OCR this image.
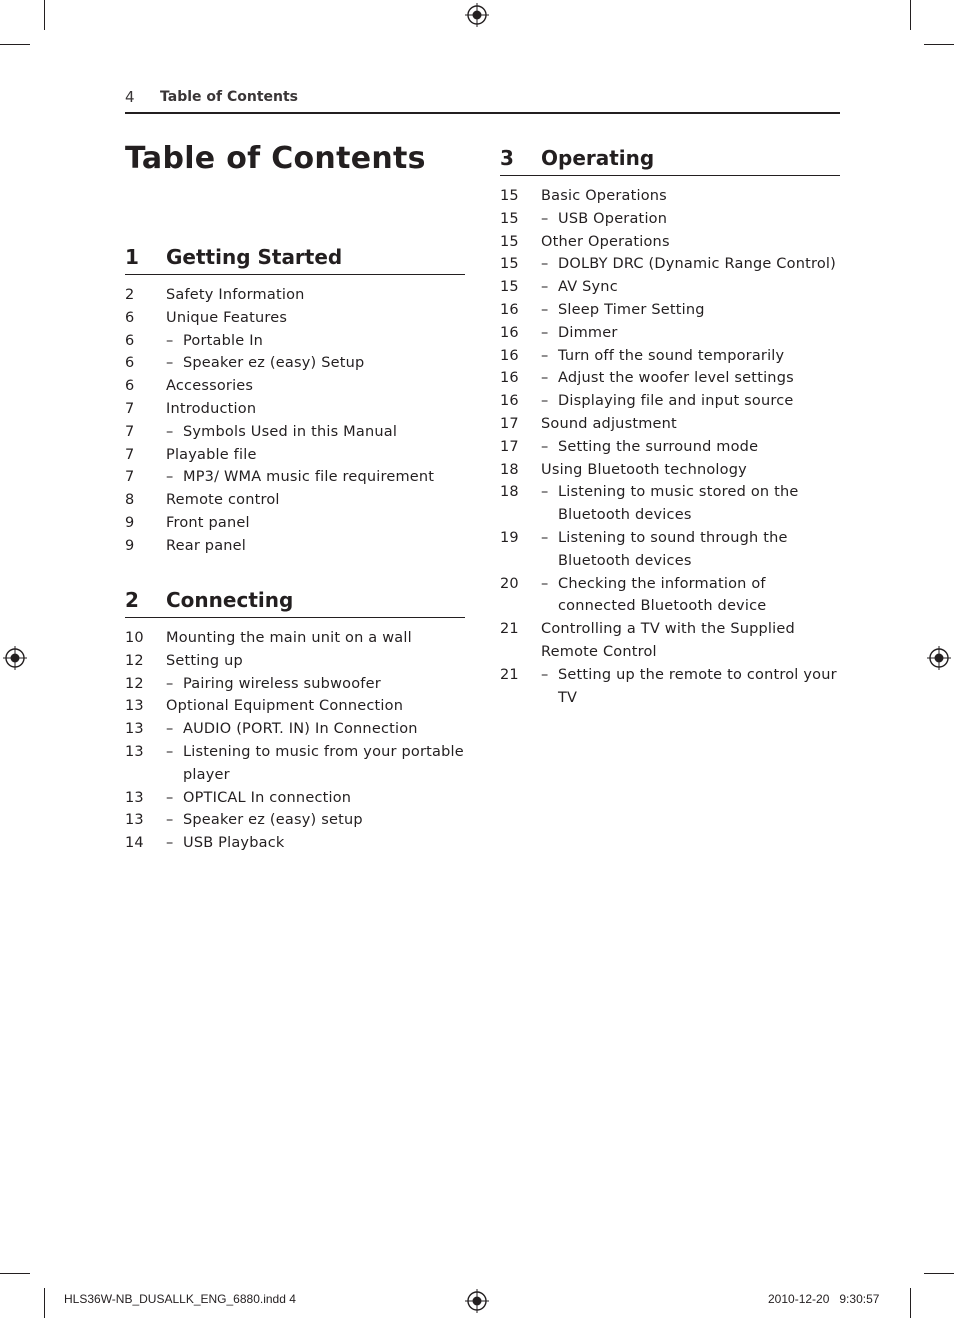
4 Table of Contents
Table of Contents
1 Getting Started
2	Safety Information
6	Unique Features
6 – Portable In
6 – Speaker ez (easy) Setup
6	Accessories
7	Introduction
7 – Symbols Used in this Manual
7	Playable file
7 – MP3/ WMA music file requirement
8	Remote control
9	Front panel
9	Rear panel
2 Connecting
10	Mounting the main unit on a wall
12	Setting up
12 – Pairing wireless subwoofer
13	Optional Equipment Connection
13 – AUDIO (PORT. IN) In Connection
13 – Listening to music from your portable player
13 – OPTICAL In connection
13 – Speaker ez (easy) setup
14 – USB Playback
3 Operating
15	Basic Operations
15 – USB Operation
15	Other Operations
15 – DOLBY DRC (Dynamic Range Control)
15 – AV Sync
16 – Sleep Timer Setting
16 – Dimmer
16 – Turn off the sound temporarily
16 – Adjust the woofer level settings
16 – Displaying file and input source
17	Sound adjustment
17 – Setting the surround mode
18	Using Bluetooth technology
18 – Listening to music stored on the Bluetooth devices
19 – Listening to sound through the Bluetooth devices
20 – Checking the information of connected Bluetooth device
21	Controlling a TV with the Supplied Remote Control
21 – Setting up the remote to control your TV
HLS36W-NB_DUSALLK_ENG_6880.indd 4	2010-12-20   9:30:57
